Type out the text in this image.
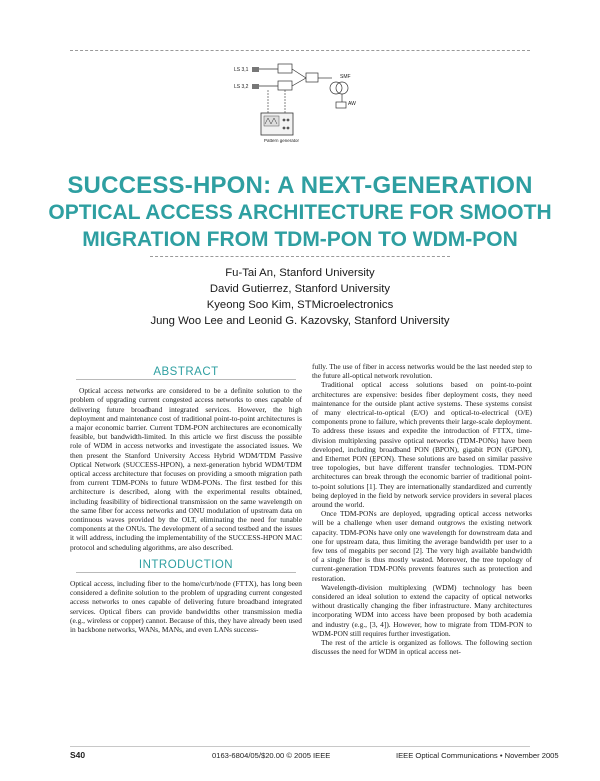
LS 3,1
LS 3,2
SMF
AW
Pattern generator
SUCCESS-HPON: A NEXT-GENERATION
OPTICAL ACCESS ARCHITECTURE FOR SMOOTH
MIGRATION FROM TDM-PON TO WDM-PON
Fu-Tai An, Stanford University
David Gutierrez, Stanford University
Kyeong Soo Kim, STMicroelectronics
Jung Woo Lee and Leonid G. Kazovsky, Stanford University
ABSTRACT

Optical access networks are considered to be a definite solution to the problem of upgrading current congested access networks to ones capable of delivering future broadband integrated services. However, the high deployment and maintenance cost of traditional point-to-point architectures is a major economic barrier. Current TDM-PON architectures are economically feasible, but bandwidth-limited. In this article we first discuss the possible role of WDM in access networks and investigate the associated issues. We then present the Stanford University Access Hybrid WDM/TDM Passive Optical Network (SUCCESS-HPON), a next-generation hybrid WDM/TDM optical access architecture that focuses on providing a smooth migration path from current TDM-PONs to future WDM-PONs. The first testbed for this architecture is described, along with the experimental results obtained, including feasibility of bidirectional transmission on the same wavelength on the same fiber for access networks and ONU modulation of upstream data on continuous waves provided by the OLT, eliminating the need for tunable components at the ONUs. The development of a second testbed and the issues it will address, including the implementability of the SUCCESS-HPON MAC protocol and scheduling algorithms, are also described.

INTRODUCTION

Optical access, including fiber to the home/curb/node (FTTX), has long been considered a definite solution to the problem of upgrading current congested access networks to ones capable of delivering future broadband integrated services. Optical fibers can provide bandwidths other transmission media (e.g., wireless or copper) cannot. Because of this, they have already been used in backbone networks, WANs, MANs, and even LANs success-

fully. The use of fiber in access networks would be the last needed step to the future all-optical network revolution.

Traditional optical access solutions based on point-to-point architectures are expensive: besides fiber deployment costs, they need maintenance for the outside plant active systems. These systems consist of many electrical-to-optical (E/O) and optical-to-electrical (O/E) components prone to failure, which prevents their large-scale deployment. To address these issues and expedite the introduction of FTTX, time-division multiplexing passive optical networks (TDM-PONs) have been developed, including broadband PON (BPON), gigabit PON (GPON), and Ethernet PON (EPON). These solutions are based on similar passive tree topologies, but have different transfer technologies. TDM-PON architectures can break through the economic barrier of traditional point-to-point solutions [1]. They are internationally standardized and currently being deployed in the field by network service providers in several places around the world.

Once TDM-PONs are deployed, upgrading optical access networks will be a challenge when user demand outgrows the existing network capacity. TDM-PONs have only one wavelength for downstream data and one for upstream data, thus limiting the average bandwidth per user to a few tens of megabits per second [2]. The very high available bandwidth of a single fiber is thus mostly wasted. Moreover, the tree topology of current-generation TDM-PONs prevents features such as protection and restoration.

Wavelength-division multiplexing (WDM) technology has been considered an ideal solution to extend the capacity of optical networks without drastically changing the fiber infrastructure. Many architectures incorporating WDM into access have been proposed by both academia and industry (e.g., [3, 4]). However, how to migrate from TDM-PON to WDM-PON still requires further investigation.

The rest of the article is organized as follows. The following section discusses the need for WDM in optical access net-

S40	0163-6804/05/$20.00 © 2005 IEEE	IEEE Optical Communications • November 2005
